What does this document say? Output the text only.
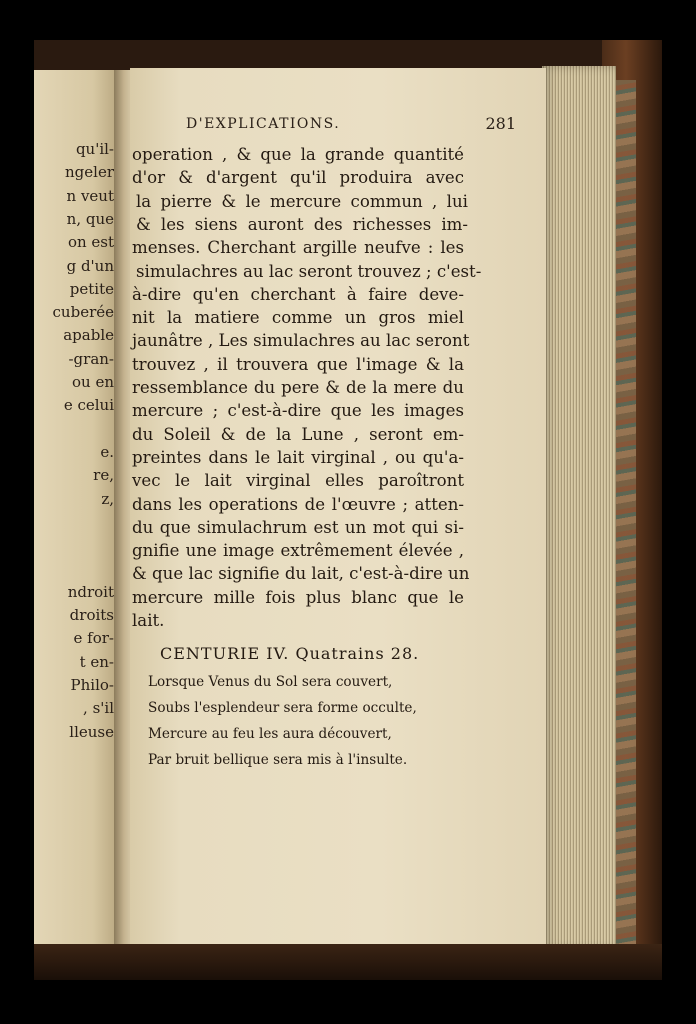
qu'il-
ngeler
n veut
n, que
on est
g d'un
petite
cuberée
apable
-gran-
ou en
e celui
e.
re,
z,
ndroit
droits
e for-
t en-
Philo-
, s'il
lleuse
D'EXPLICATIONS.	281
operation , & que la grande quantité
d'or & d'argent qu'il produira avec
la pierre & le mercure commun , lui
& les siens auront des richesses im-
menses. Cherchant argille neufve : les
simulachres au lac seront trouvez ; c'est-
à-dire qu'en cherchant à faire deve-
nit la matiere comme un gros miel
jaunâtre , Les simulachres au lac seront
trouvez , il trouvera que l'image & la
ressemblance du pere & de la mere du
mercure ; c'est-à-dire que les images
du Soleil & de la Lune , seront em-
preintes dans le lait virginal , ou qu'a-
vec le lait virginal elles paroîtront
dans les operations de l'œuvre ; atten-
du que simulachrum est un mot qui si-
gnifie une image extrêmement élevée ,
& que lac signifie du lait, c'est-à-dire un
mercure mille fois plus blanc que le
lait.
CENTURIE IV. Quatrains 28.
Lorsque Venus du Sol sera couvert,
Soubs l'esplendeur sera forme occulte,
Mercure au feu les aura découvert,
Par bruit bellique sera mis à l'insulte.
